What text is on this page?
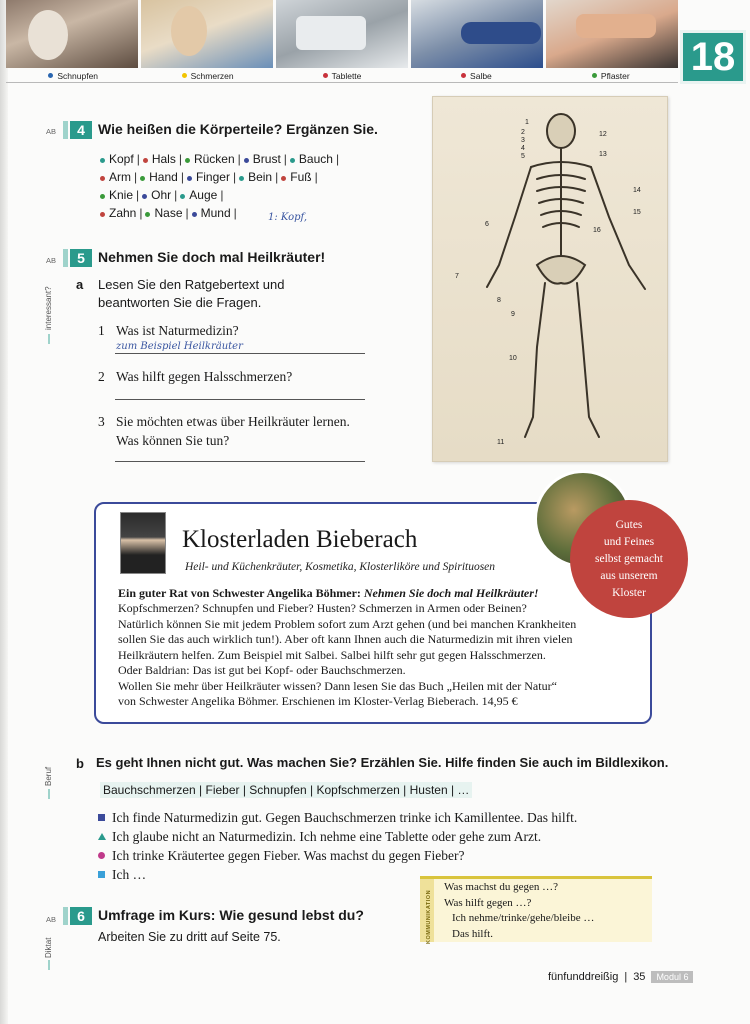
Schnupfen	Schmerzen	Tablette	Salbe	Pflaster 18
AB	4 Wie heißen die Körperteile? Ergänzen Sie.
Kopf | Hals | Rücken | Brust | Bauch |
Arm | Hand | Finger | Bein | Fuß |
Knie | Ohr | Auge |
Zahn | Nase | Mund |	1: Kopf,
1
2
3
4
5
6
7
8
9
10
11
12
13
14
15
16
AB	5 Nehmen Sie doch mal Heilkräuter!
interessant?
a Lesen Sie den Ratgebertext und
beantworten Sie die Fragen.
1 Was ist Naturmedizin?
zum Beispiel Heilkräuter
2 Was hilft gegen Halsschmerzen?
3 Sie möchten etwas über Heilkräuter lernen.
Was können Sie tun?
Klosterladen Bieberach
Heil- und Küchenkräuter, Kosmetika, Klosterliköre und Spirituosen
Ein guter Rat von Schwester Angelika Böhmer: Nehmen Sie doch mal Heilkräuter!
Kopfschmerzen? Schnupfen und Fieber? Husten? Schmerzen in Armen oder Beinen?
Natürlich können Sie mit jedem Problem sofort zum Arzt gehen (und bei manchen Krankheiten
sollen Sie das auch wirklich tun!). Aber oft kann Ihnen auch die Naturmedizin mit ihren vielen
Heilkräutern helfen. Zum Beispiel mit Salbei. Salbei hilft sehr gut gegen Halsschmerzen.
Oder Baldrian: Das ist gut bei Kopf- oder Bauchschmerzen.
Wollen Sie mehr über Heilkräuter wissen? Dann lesen Sie das Buch „Heilen mit der Natur“
von Schwester Angelika Böhmer. Erschienen im Kloster-Verlag Bieberach. 14,95 €
Gutes
und Feines
selbst gemacht
aus unserem
Kloster
Beruf
b Es geht Ihnen nicht gut. Was machen Sie? Erzählen Sie. Hilfe finden Sie auch im Bildlexikon.
Bauchschmerzen | Fieber | Schnupfen | Kopfschmerzen | Husten | …
Ich finde Naturmedizin gut. Gegen Bauchschmerzen trinke ich Kamillentee. Das hilft.
Ich glaube nicht an Naturmedizin. Ich nehme eine Tablette oder gehe zum Arzt.
Ich trinke Kräutertee gegen Fieber. Was machst du gegen Fieber?
Ich …
KOMMUNIKATION
Was machst du gegen …?
Was hilft gegen …?
Ich nehme/trinke/gehe/bleibe …
Das hilft.
AB	6 Umfrage im Kurs: Wie gesund lebst du?
Arbeiten Sie zu dritt auf Seite 75.
Diktat
fünfunddreißig | 35	Modul 6
